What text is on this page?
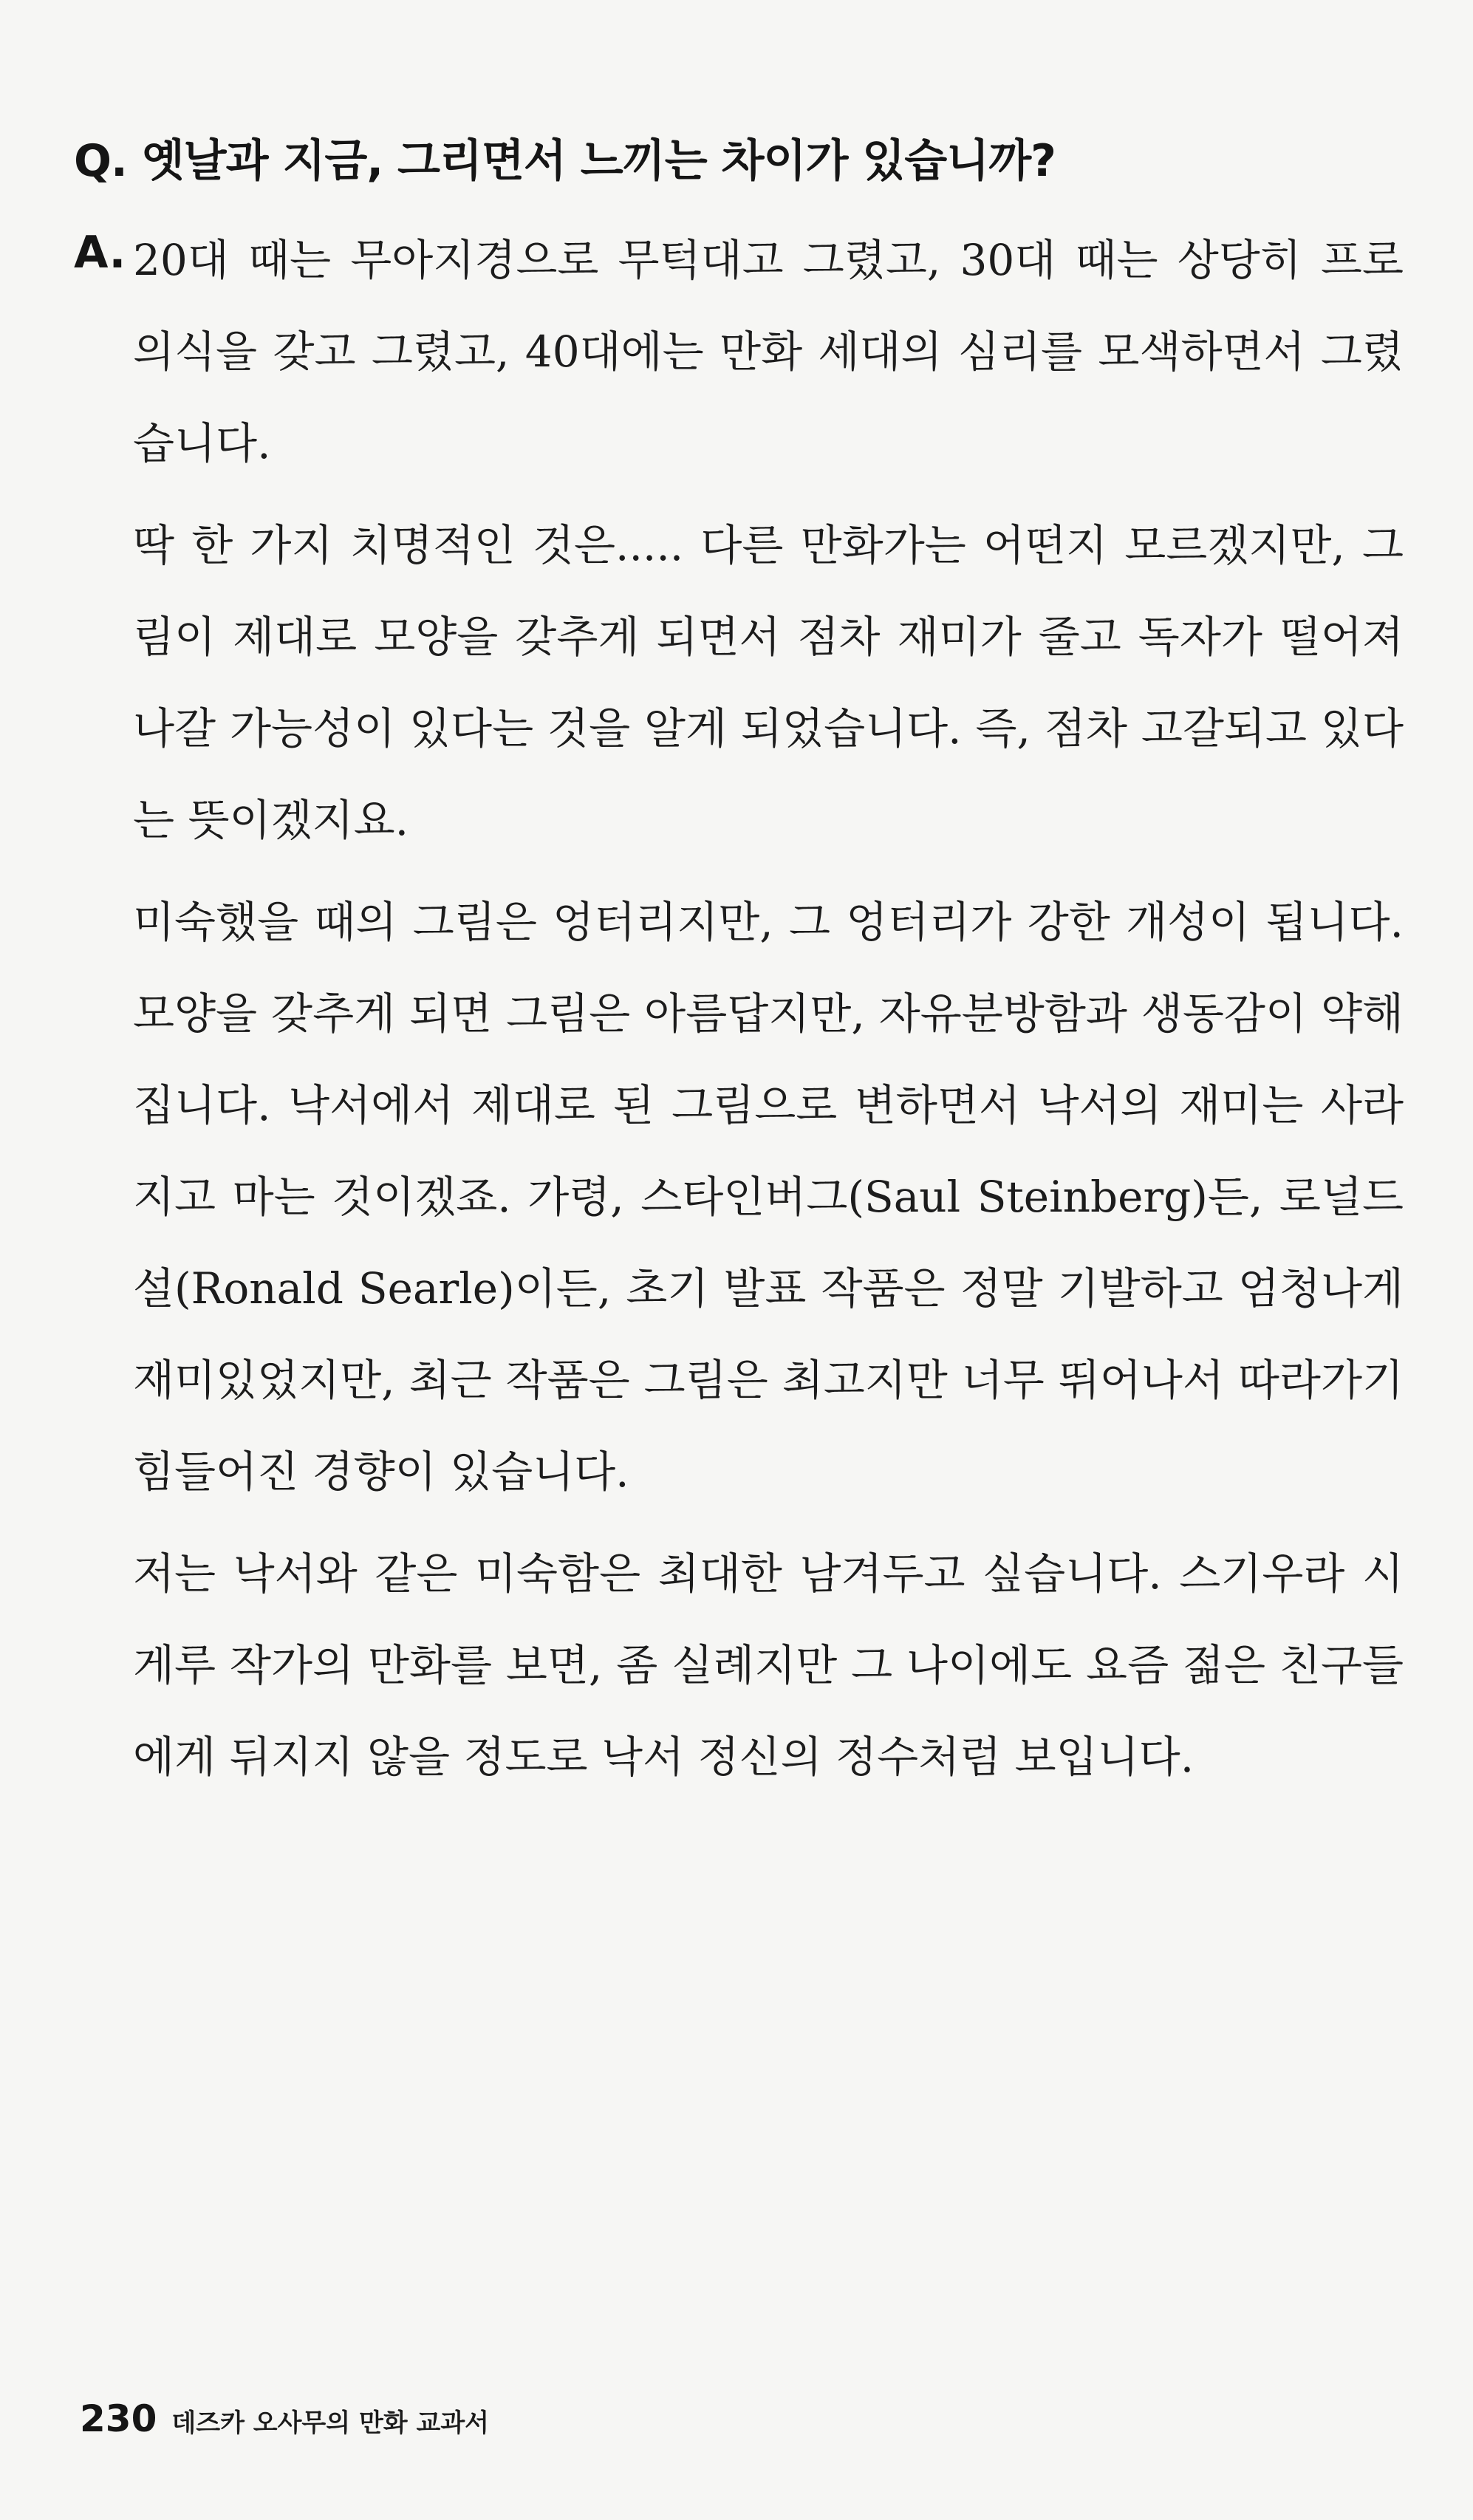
Q. 옛날과 지금, 그리면서 느끼는 차이가 있습니까?
A. 20대 때는 무아지경으로 무턱대고 그렸고, 30대 때는 상당히 프로 의식을 갖고 그렸고, 40대에는 만화 세대의 심리를 모색하면서 그렸습니다.

딱 한 가지 치명적인 것은..... 다른 만화가는 어떤지 모르겠지만, 그림이 제대로 모양을 갖추게 되면서 점차 재미가 줄고 독자가 떨어져 나갈 가능성이 있다는 것을 알게 되었습니다. 즉, 점차 고갈되고 있다는 뜻이겠지요.

미숙했을 때의 그림은 엉터리지만, 그 엉터리가 강한 개성이 됩니다. 모양을 갖추게 되면 그림은 아름답지만, 자유분방함과 생동감이 약해집니다. 낙서에서 제대로 된 그림으로 변하면서 낙서의 재미는 사라지고 마는 것이겠죠. 가령, 스타인버그(Saul Steinberg)든, 로널드 설(Ronald Searle)이든, 초기 발표 작품은 정말 기발하고 엄청나게 재미있었지만, 최근 작품은 그림은 최고지만 너무 뛰어나서 따라가기 힘들어진 경향이 있습니다.

저는 낙서와 같은 미숙함은 최대한 남겨두고 싶습니다. 스기우라 시게루 작가의 만화를 보면, 좀 실례지만 그 나이에도 요즘 젊은 친구들에게 뒤지지 않을 정도로 낙서 정신의 정수처럼 보입니다.

230 데즈카 오사무의 만화 교과서
